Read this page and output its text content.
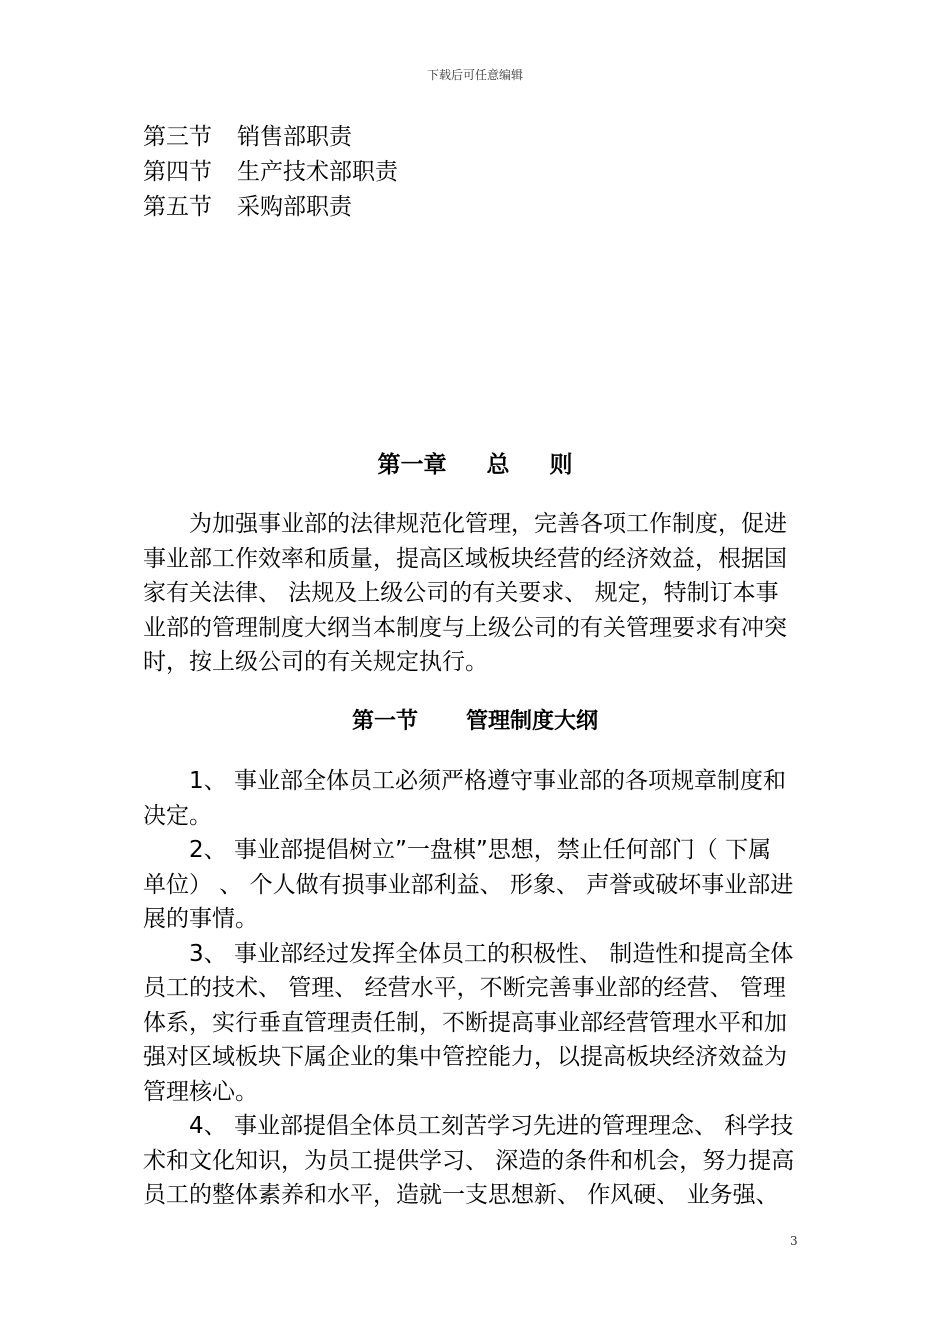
下载后可任意编辑
第三节 销售部职责
第四节 生产技术部职责
第五节 采购部职责
第一章 总 则
　　为加强事业部的法律规范化管理，完善各项工作制度，促进
事业部工作效率和质量，提高区域板块经营的经济效益，根据国
家有关法律、 法规及上级公司的有关要求、 规定，特制订本事
业部的管理制度大纲当本制度与上级公司的有关管理要求有冲突
时，按上级公司的有关规定执行。
第一节 管理制度大纲
　　1、 事业部全体员工必须严格遵守事业部的各项规章制度和
决定。
　　2、 事业部提倡树立”一盘棋”思想，禁止任何部门（ 下属
单位） 、 个人做有损事业部利益、 形象、 声誉或破坏事业部进
展的事情。
　　3、 事业部经过发挥全体员工的积极性、 制造性和提高全体
员工的技术、 管理、 经营水平，不断完善事业部的经营、 管理
体系，实行垂直管理责任制，不断提高事业部经营管理水平和加
强对区域板块下属企业的集中管控能力，以提高板块经济效益为
管理核心。
　　4、 事业部提倡全体员工刻苦学习先进的管理理念、 科学技
术和文化知识，为员工提供学习、 深造的条件和机会，努力提高
员工的整体素养和水平，造就一支思想新、 作风硬、 业务强、
3
